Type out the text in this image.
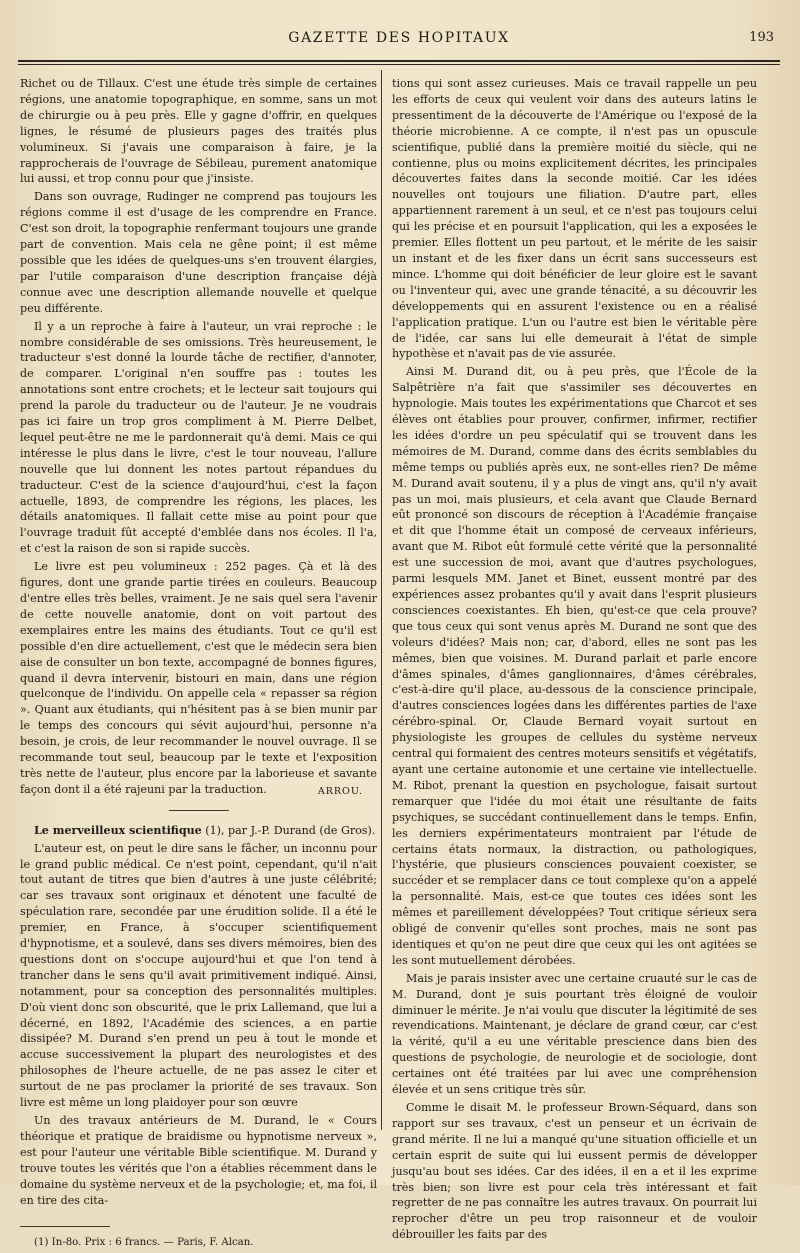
GAZETTE DES HOPITAUX	193

Richet ou de Tillaux. C'est une étude très simple de certaines régions, une anatomie topographique, en somme, sans un mot de chirurgie ou à peu près. Elle y gagne d'offrir, en quelques lignes, le résumé de plusieurs pages des traités plus volumineux. Si j'avais une comparaison à faire, je la rapprocherais de l'ouvrage de Sébileau, purement anatomique lui aussi, et trop connu pour que j'insiste.

Dans son ouvrage, Rudinger ne comprend pas toujours les régions comme il est d'usage de les comprendre en France. C'est son droit, la topographie renfermant toujours une grande part de convention. Mais cela ne gêne point; il est même possible que les idées de quelques-uns s'en trouvent élargies, par l'utile comparaison d'une description française déjà connue avec une description allemande nouvelle et quelque peu différente.

Il y a un reproche à faire à l'auteur, un vrai reproche : le nombre considérable de ses omissions. Très heureusement, le traducteur s'est donné la lourde tâche de rectifier, d'annoter, de comparer. L'original n'en souffre pas : toutes les annotations sont entre crochets; et le lecteur sait toujours qui prend la parole du traducteur ou de l'auteur. Je ne voudrais pas ici faire un trop gros compliment à M. Pierre Delbet, lequel peut-être ne me le pardonnerait qu'à demi. Mais ce qui intéresse le plus dans le livre, c'est le tour nouveau, l'allure nouvelle que lui donnent les notes partout répandues du traducteur. C'est de la science d'aujourd'hui, c'est la façon actuelle, 1893, de comprendre les régions, les places, les détails anatomiques. Il fallait cette mise au point pour que l'ouvrage traduit fût accepté d'emblée dans nos écoles. Il l'a, et c'est la raison de son si rapide succès.

Le livre est peu volumineux : 252 pages. Çà et là des figures, dont une grande partie tirées en couleurs. Beaucoup d'entre elles très belles, vraiment. Je ne sais quel sera l'avenir de cette nouvelle anatomie, dont on voit partout des exemplaires entre les mains des étudiants. Tout ce qu'il est possible d'en dire actuellement, c'est que le médecin sera bien aise de consulter un bon texte, accompagné de bonnes figures, quand il devra intervenir, bistouri en main, dans une région quelconque de l'individu. On appelle cela « repasser sa région ». Quant aux étudiants, qui n'hésitent pas à se bien munir par le temps des concours qui sévit aujourd'hui, personne n'a besoin, je crois, de leur recommander le nouvel ouvrage. Il se recommande tout seul, beaucoup par le texte et l'exposition très nette de l'auteur, plus encore par la laborieuse et savante façon dont il a été rajeuni par la traduction.	ARROU.

Le merveilleux scientifique (1), par J.-P. Durand (de Gros).

L'auteur est, on peut le dire sans le fâcher, un inconnu pour le grand public médical. Ce n'est point, cependant, qu'il n'ait tout autant de titres que bien d'autres à une juste célébrité; car ses travaux sont originaux et dénotent une faculté de spéculation rare, secondée par une érudition solide. Il a été le premier, en France, à s'occuper scientifiquement d'hypnotisme, et a soulevé, dans ses divers mémoires, bien des questions dont on s'occupe aujourd'hui et que l'on tend à trancher dans le sens qu'il avait primitivement indiqué. Ainsi, notamment, pour sa conception des personnalités multiples. D'où vient donc son obscurité, que le prix Lallemand, que lui a décerné, en 1892, l'Académie des sciences, a en partie dissipée? M. Durand s'en prend un peu à tout le monde et accuse successivement la plupart des neurologistes et des philosophes de l'heure actuelle, de ne pas assez le citer et surtout de ne pas proclamer la priorité de ses travaux. Son livre est même un long plaidoyer pour son œuvre

Un des travaux antérieurs de M. Durand, le « Cours théorique et pratique de braidisme ou hypnotisme nerveux », est pour l'auteur une véritable Bible scientifique. M. Durand y trouve toutes les vérités que l'on a établies récemment dans le domaine du système nerveux et de la psychologie; et, ma foi, il en tire des cita-

(1) In-8o. Prix : 6 francs. — Paris, F. Alcan.

tions qui sont assez curieuses. Mais ce travail rappelle un peu les efforts de ceux qui veulent voir dans des auteurs latins le pressentiment de la découverte de l'Amérique ou l'exposé de la théorie microbienne. A ce compte, il n'est pas un opuscule scientifique, publié dans la première moitié du siècle, qui ne contienne, plus ou moins explicitement décrites, les principales découvertes faites dans la seconde moitié. Car les idées nouvelles ont toujours une filiation. D'autre part, elles appartiennent rarement à un seul, et ce n'est pas toujours celui qui les précise et en poursuit l'application, qui les a exposées le premier. Elles flottent un peu partout, et le mérite de les saisir un instant et de les fixer dans un écrit sans successeurs est mince. L'homme qui doit bénéficier de leur gloire est le savant ou l'inventeur qui, avec une grande ténacité, a su découvrir les développements qui en assurent l'existence ou en a réalisé l'application pratique. L'un ou l'autre est bien le véritable père de l'idée, car sans lui elle demeurait à l'état de simple hypothèse et n'avait pas de vie assurée.

Ainsi M. Durand dit, ou à peu près, que l'École de la Salpêtrière n'a fait que s'assimiler ses découvertes en hypnologie. Mais toutes les expérimentations que Charcot et ses élèves ont établies pour prouver, confirmer, infirmer, rectifier les idées d'ordre un peu spéculatif qui se trouvent dans les mémoires de M. Durand, comme dans des écrits semblables du même temps ou publiés après eux, ne sont-elles rien? De même M. Durand avait soutenu, il y a plus de vingt ans, qu'il n'y avait pas un moi, mais plusieurs, et cela avant que Claude Bernard eût prononcé son discours de réception à l'Académie française et dit que l'homme était un composé de cerveaux inférieurs, avant que M. Ribot eût formulé cette vérité que la personnalité est une succession de moi, avant que d'autres psychologues, parmi lesquels MM. Janet et Binet, eussent montré par des expériences assez probantes qu'il y avait dans l'esprit plusieurs consciences coexistantes. Eh bien, qu'est-ce que cela prouve? que tous ceux qui sont venus après M. Durand ne sont que des voleurs d'idées? Mais non; car, d'abord, elles ne sont pas les mêmes, bien que voisines. M. Durand parlait et parle encore d'âmes spinales, d'âmes ganglionnaires, d'âmes cérébrales, c'est-à-dire qu'il place, au-dessous de la conscience principale, d'autres consciences logées dans les différentes parties de l'axe cérébro-spinal. Or, Claude Bernard voyait surtout en physiologiste les groupes de cellules du système nerveux central qui formaient des centres moteurs sensitifs et végétatifs, ayant une certaine autonomie et une certaine vie intellectuelle. M. Ribot, prenant la question en psychologue, faisait surtout remarquer que l'idée du moi était une résultante de faits psychiques, se succédant continuellement dans le temps. Enfin, les derniers expérimentateurs montraient par l'étude de certains états normaux, la distraction, ou pathologiques, l'hystérie, que plusieurs consciences pouvaient coexister, se succéder et se remplacer dans ce tout complexe qu'on a appelé la personnalité. Mais, est-ce que toutes ces idées sont les mêmes et pareillement développées? Tout critique sérieux sera obligé de convenir qu'elles sont proches, mais ne sont pas identiques et qu'on ne peut dire que ceux qui les ont agitées se les sont mutuellement dérobées.

Mais je parais insister avec une certaine cruauté sur le cas de M. Durand, dont je suis pourtant très éloigné de vouloir diminuer le mérite. Je n'ai voulu que discuter la légitimité de ses revendications. Maintenant, je déclare de grand cœur, car c'est la vérité, qu'il a eu une véritable prescience dans bien des questions de psychologie, de neurologie et de sociologie, dont certaines ont été traitées par lui avec une compréhension élevée et un sens critique très sûr.

Comme le disait M. le professeur Brown-Séquard, dans son rapport sur ses travaux, c'est un penseur et un écrivain de grand mérite. Il ne lui a manqué qu'une situation officielle et un certain esprit de suite qui lui eussent permis de développer jusqu'au bout ses idées. Car des idées, il en a et il les exprime très bien; son livre est pour cela très intéressant et fait regretter de ne pas connaître les autres travaux. On pourrait lui reprocher d'être un peu trop raisonneur et de vouloir débrouiller les faits par des
